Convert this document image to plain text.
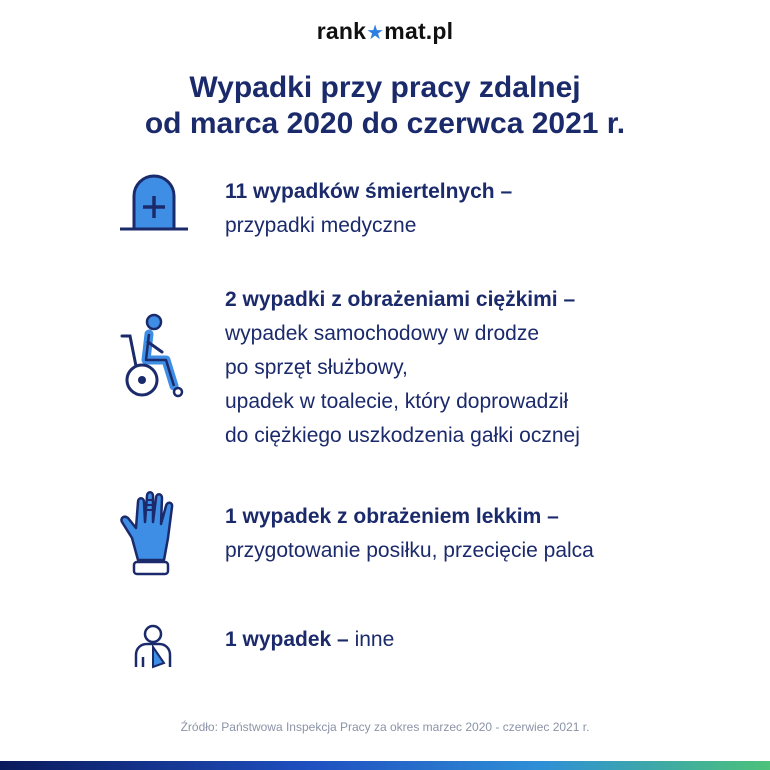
rank★mat.pl
Wypadki przy pracy zdalnej
od marca 2020 do czerwca 2021 r.
11 wypadków śmiertelnych –
przypadki medyczne
2 wypadki z obrażeniami ciężkimi –
wypadek samochodowy w drodze
po sprzęt służbowy,
upadek w toalecie, który doprowadził
do ciężkiego uszkodzenia gałki ocznej
1 wypadek z obrażeniem lekkim –
przygotowanie posiłku, przecięcie palca
1 wypadek – inne
Źródło: Państwowa Inspekcja Pracy za okres marzec 2020 - czerwiec 2021 r.
